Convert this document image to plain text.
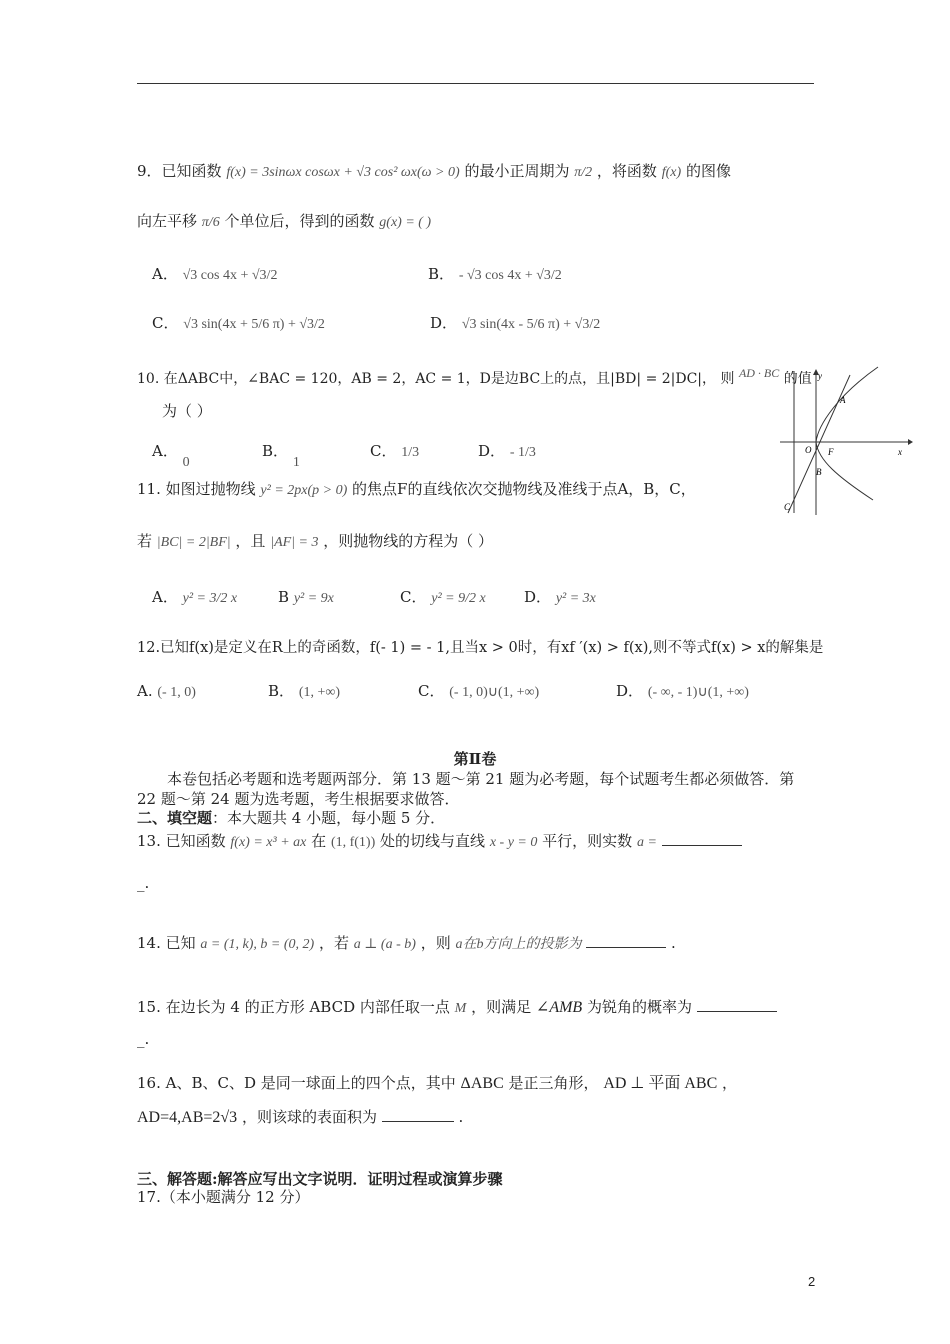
9．已知函数 f(x) = 3sinωx cosωx + √3 cos² ωx(ω > 0) 的最小正周期为 π/2 ，将函数 f(x) 的图像
向左平移 π/6 个单位后，得到的函数 g(x) = ( )
A． √3 cos 4x + √3/2	B． - √3 cos 4x + √3/2
C． √3 sin(4x + 5/6 π) + √3/2	D． √3 sin(4x - 5/6 π) + √3/2
10. 在ΔABC中，∠BAC = 120，AB = 2，AC = 1，D是边BC上的点，且|BD| = 2|DC|， 则 AD · BC 的值
为（ ）
A． 0
B． 1
C． 1/3	D． - 1/3
y
A
O F	x
B
C
11. 如图过抛物线 y² = 2px(p > 0) 的焦点F的直线依次交抛物线及准线于点A，B，C，
若 |BC| = 2|BF| ，且 |AF| = 3 ，则抛物线的方程为（ ）
A． y² = 3/2 x	B y² = 9x	C． y² = 9/2 x	D． y² = 3x
12.已知f(x)是定义在R上的奇函数，f(- 1) = - 1,且当x > 0时，有xf ′(x) > f(x),则不等式f(x) > x的解集是
A. (- 1, 0)	B． (1, +∞)	C． (- 1, 0)∪(1, +∞)	D． (- ∞, - 1)∪(1, +∞)
第Ⅱ卷
本卷包括必考题和选考题两部分．第 13 题～第 21 题为必考题，每个试题考生都必须做答．第 22 题～第 24 题为选考题，考生根据要求做答．
二、填空题：本大题共 4 小题，每小题 5 分．
13. 已知函数 f(x) = x³ + ax 在 (1, f(1)) 处的切线与直线 x - y = 0 平行，则实数 a =
_.
14. 已知 a = (1, k), b = (0, 2) ，若 a ⊥ (a - b) ，则 a在b方向上的投影为	.
15. 在边长为 4 的正方形 ABCD 内部任取一点 M ，则满足 ∠AMB 为锐角的概率为
_.
16. A、B、C、D 是同一球面上的四个点，其中 ΔABC 是正三角形， AD ⊥ 平面 ABC ，
AD=4,AB=2√3 ，则该球的表面积为	.
三、解答题:解答应写出文字说明．证明过程或演算步骤
17.（本小题满分 12 分）
2
